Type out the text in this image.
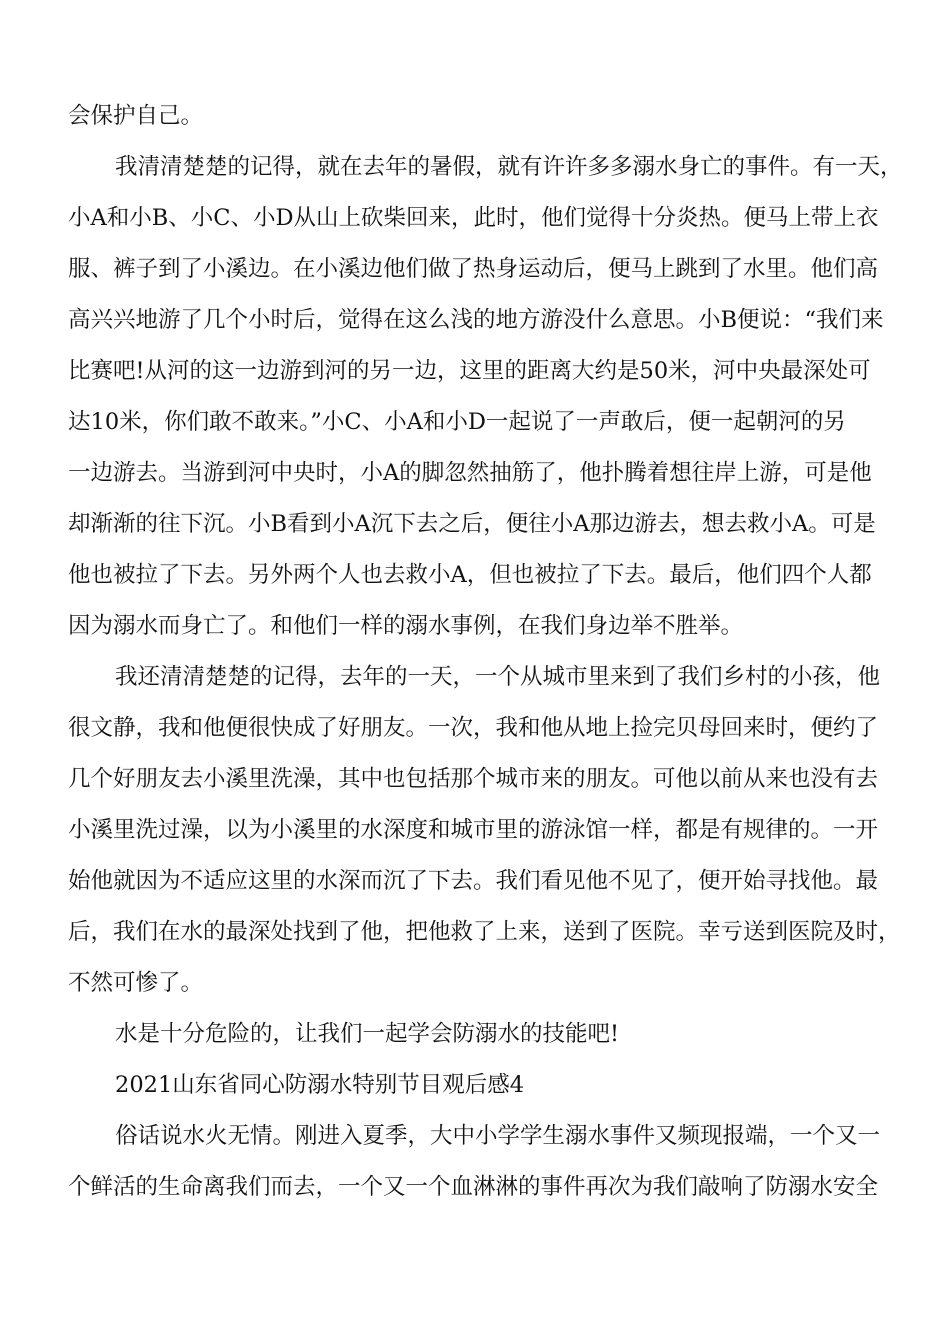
会保护自己。
我清清楚楚的记得，就在去年的暑假，就有许许多多溺水身亡的事件。有一天，
小A和小B、小C、小D从山上砍柴回来，此时，他们觉得十分炎热。便马上带上衣
服、裤子到了小溪边。在小溪边他们做了热身运动后，便马上跳到了水里。他们高
高兴兴地游了几个小时后，觉得在这么浅的地方游没什么意思。小B便说：“我们来
比赛吧!从河的这一边游到河的另一边，这里的距离大约是50米，河中央最深处可
达10米，你们敢不敢来。”小C、小A和小D一起说了一声敢后，便一起朝河的另
一边游去。当游到河中央时，小A的脚忽然抽筋了，他扑腾着想往岸上游，可是他
却渐渐的往下沉。小B看到小A沉下去之后，便往小A那边游去，想去救小A。可是
他也被拉了下去。另外两个人也去救小A，但也被拉了下去。最后，他们四个人都
因为溺水而身亡了。和他们一样的溺水事例，在我们身边举不胜举。
我还清清楚楚的记得，去年的一天，一个从城市里来到了我们乡村的小孩，他
很文静，我和他便很快成了好朋友。一次，我和他从地上捡完贝母回来时，便约了
几个好朋友去小溪里洗澡，其中也包括那个城市来的朋友。可他以前从来也没有去
小溪里洗过澡，以为小溪里的水深度和城市里的游泳馆一样，都是有规律的。一开
始他就因为不适应这里的水深而沉了下去。我们看见他不见了，便开始寻找他。最
后，我们在水的最深处找到了他，把他救了上来，送到了医院。幸亏送到医院及时，
不然可惨了。
水是十分危险的，让我们一起学会防溺水的技能吧!
2021山东省同心防溺水特别节目观后感4
俗话说水火无情。刚进入夏季，大中小学学生溺水事件又频现报端，一个又一
个鲜活的生命离我们而去，一个又一个血淋淋的事件再次为我们敲响了防溺水安全
